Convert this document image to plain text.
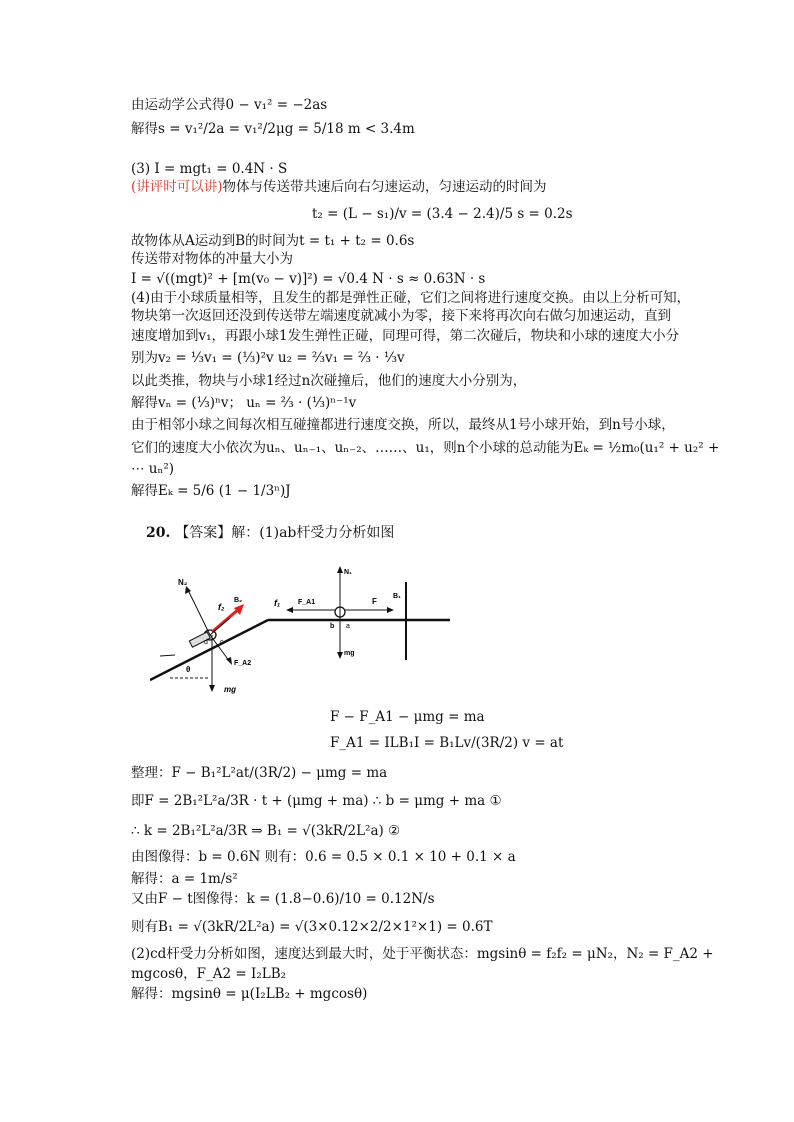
由运动学公式得0 − v₁² = −2as
解得s = v₁²/2a = v₁²/2μg = 5/18 m < 3.4m
(3) I = mgt₁ = 0.4N · S
(讲评时可以讲)物体与传送带共速后向右匀速运动，匀速运动的时间为
t₂ = (L − s₁)/v = (3.4 − 2.4)/5 s = 0.2s
故物体从A运动到B的时间为t = t₁ + t₂ = 0.6s
传送带对物体的冲量大小为
I = √((mgt)² + [m(v₀ − v)]²) = √0.4 N · s ≈ 0.63N · s
(4)由于小球质量相等，且发生的都是弹性正碰，它们之间将进行速度交换。由以上分析可知，
物块第一次返回还没到传送带左端速度就减小为零，接下来将再次向右做匀加速运动，直到
速度增加到v₁，再跟小球1发生弹性正碰，同理可得，第二次碰后，物块和小球的速度大小分
别为v₂ = ⅓v₁ = (⅓)²v u₂ = ⅔v₁ = ⅔ · ⅓v
以此类推，物块与小球1经过n次碰撞后，他们的速度大小分别为，
解得vₙ = (⅓)ⁿv； uₙ = ⅔ · (⅓)ⁿ⁻¹v
由于相邻小球之间每次相互碰撞都进行速度交换，所以，最终从1号小球开始，到n号小球，
它们的速度大小依次为uₙ、uₙ₋₁、uₙ₋₂、……、u₁，则n个小球的总动能为Eₖ = ½m₀(u₁² + u₂² +
⋯ uₙ²)
解得Eₖ = 5/6 (1 − 1/3ⁿ)J
20. 【答案】解：(1)ab杆受力分析如图
N₂
B₂
f₂
F_A2
mg
θ
c
d
N₁
F_A1
f₁	F
B₁
b a
mg
F − F_A1 − μmg = ma
F_A1 = ILB₁I = B₁Lv/(3R/2) v = at
整理：F − B₁²L²at/(3R/2) − μmg = ma
即F = 2B₁²L²a/3R · t + (μmg + ma) ∴ b = μmg + ma ①
∴ k = 2B₁²L²a/3R ⇒ B₁ = √(3kR/2L²a) ②
由图像得：b = 0.6N 则有：0.6 = 0.5 × 0.1 × 10 + 0.1 × a
解得：a = 1m/s²
又由F − t图像得：k = (1.8−0.6)/10 = 0.12N/s
则有B₁ = √(3kR/2L²a) = √(3×0.12×2/2×1²×1) = 0.6T
(2)cd杆受力分析如图，速度达到最大时，处于平衡状态：mgsinθ = f₂f₂ = μN₂，N₂ = F_A2 +
mgcosθ，F_A2 = I₂LB₂
解得：mgsinθ = μ(I₂LB₂ + mgcosθ)
